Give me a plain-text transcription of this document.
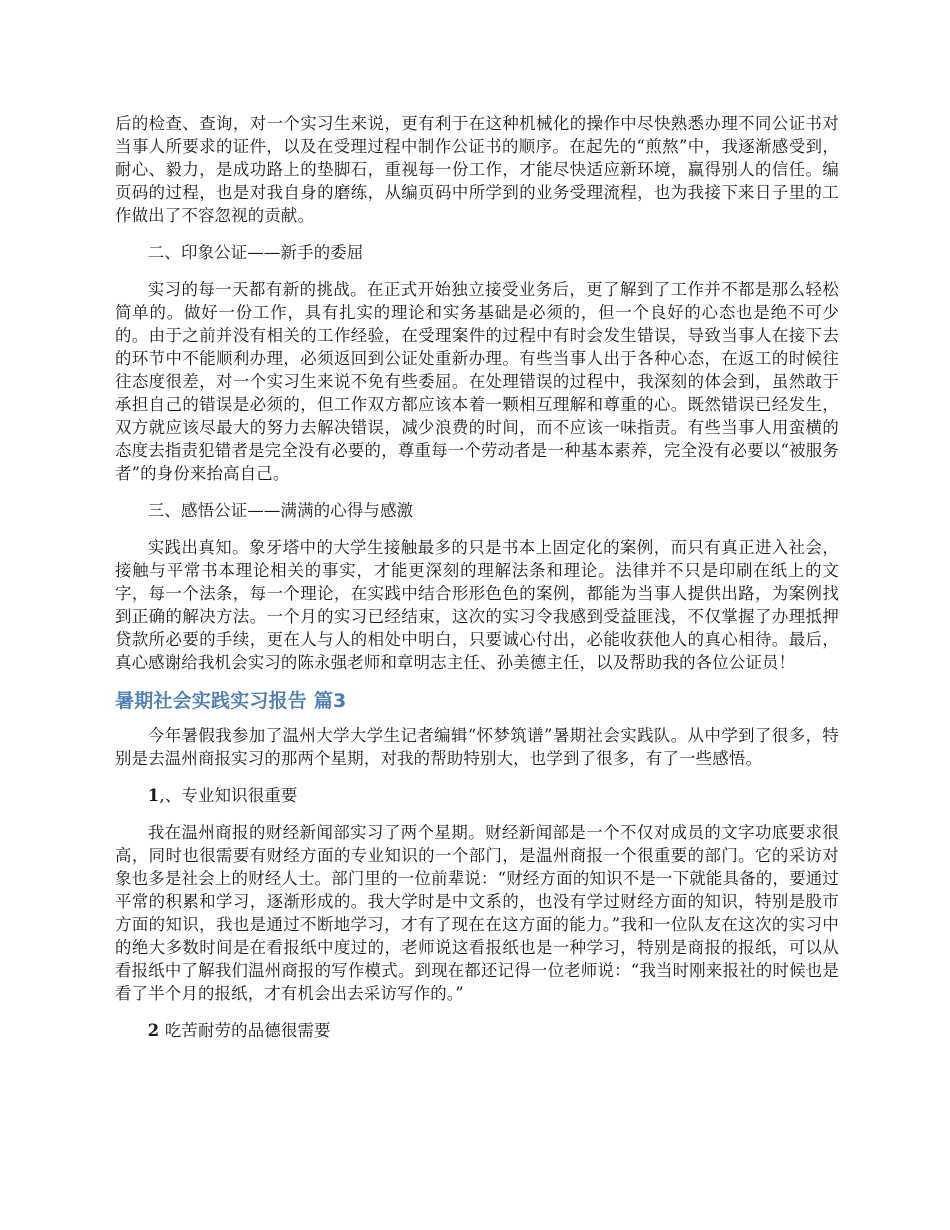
后的检查、查询，对一个实习生来说，更有利于在这种机械化的操作中尽快熟悉办理不同公证书对当事人所要求的证件，以及在受理过程中制作公证书的顺序。在起先的“煎熬”中，我逐渐感受到，耐心、毅力，是成功路上的垫脚石，重视每一份工作，才能尽快适应新环境，赢得别人的信任。编页码的过程，也是对我自身的磨练，从编页码中所学到的业务受理流程，也为我接下来日子里的工作做出了不容忽视的贡献。

二、印象公证——新手的委屈

实习的每一天都有新的挑战。在正式开始独立接受业务后，更了解到了工作并不都是那么轻松简单的。做好一份工作，具有扎实的理论和实务基础是必须的，但一个良好的心态也是绝不可少的。由于之前并没有相关的工作经验，在受理案件的过程中有时会发生错误，导致当事人在接下去的环节中不能顺利办理，必须返回到公证处重新办理。有些当事人出于各种心态，在返工的时候往往态度很差，对一个实习生来说不免有些委屈。在处理错误的过程中，我深刻的体会到，虽然敢于承担自己的错误是必须的，但工作双方都应该本着一颗相互理解和尊重的心。既然错误已经发生，双方就应该尽最大的努力去解决错误，减少浪费的时间，而不应该一味指责。有些当事人用蛮横的态度去指责犯错者是完全没有必要的，尊重每一个劳动者是一种基本素养，完全没有必要以“被服务者”的身份来抬高自己。

三、感悟公证——满满的心得与感激

实践出真知。象牙塔中的大学生接触最多的只是书本上固定化的案例，而只有真正进入社会，接触与平常书本理论相关的事实，才能更深刻的理解法条和理论。法律并不只是印刷在纸上的文字，每一个法条，每一个理论，在实践中结合形形色色的案例，都能为当事人提供出路，为案例找到正确的解决方法。一个月的实习已经结束，这次的实习令我感到受益匪浅，不仅掌握了办理抵押贷款所必要的手续，更在人与人的相处中明白，只要诚心付出，必能收获他人的真心相待。最后，真心感谢给我机会实习的陈永强老师和章明志主任、孙美德主任，以及帮助我的各位公证员！

暑期社会实践实习报告 篇3

今年暑假我参加了温州大学大学生记者编辑“怀梦筑谱”暑期社会实践队。从中学到了很多，特别是去温州商报实习的那两个星期，对我的帮助特别大，也学到了很多，有了一些感悟。

1,、专业知识很重要

我在温州商报的财经新闻部实习了两个星期。财经新闻部是一个不仅对成员的文字功底要求很高，同时也很需要有财经方面的专业知识的一个部门，是温州商报一个很重要的部门。它的采访对象也多是社会上的财经人士。部门里的一位前辈说：“财经方面的知识不是一下就能具备的，要通过平常的积累和学习，逐渐形成的。我大学时是中文系的，也没有学过财经方面的知识，特别是股市方面的知识，我也是通过不断地学习，才有了现在在这方面的能力。”我和一位队友在这次的实习中的绝大多数时间是在看报纸中度过的，老师说这看报纸也是一种学习，特别是商报的报纸，可以从看报纸中了解我们温州商报的写作模式。到现在都还记得一位老师说：“我当时刚来报社的时候也是看了半个月的报纸，才有机会出去采访写作的。”

2 吃苦耐劳的品德很需要
